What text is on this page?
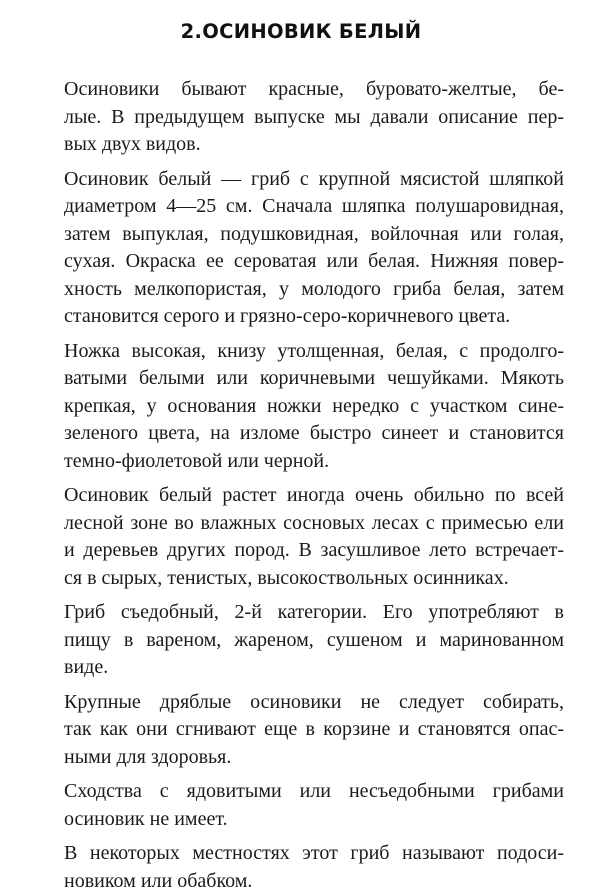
2.ОСИНОВИК БЕЛЫЙ

Осиновики бывают красные, буровато-желтые, бе-
лые. В предыдущем выпуске мы давали описание пер-
вых двух видов.

Осиновик белый — гриб с крупной мясистой шляпкой
диаметром 4—25 см. Сначала шляпка полушаровидная,
затем выпуклая, подушковидная, войлочная или голая,
сухая. Окраска ее сероватая или белая. Нижняя повер-
хность мелкопористая, у молодого гриба белая, затем
становится серого и грязно-серо-коричневого цвета.

Ножка высокая, книзу утолщенная, белая, с продолго-
ватыми белыми или коричневыми чешуйками. Мякоть
крепкая, у основания ножки нередко с участком сине-
зеленого цвета, на изломе быстро синеет и становится
темно-фиолетовой или черной.

Осиновик белый растет иногда очень обильно по всей
лесной зоне во влажных сосновых лесах с примесью ели
и деревьев других пород. В засушливое лето встречает-
ся в сырых, тенистых, высокоствольных осинниках.

Гриб съедобный, 2-й категории. Его употребляют в
пищу в вареном, жареном, сушеном и маринованном
виде.

Крупные дряблые осиновики не следует собирать,
так как они сгнивают еще в корзине и становятся опас-
ными для здоровья.

Сходства с ядовитыми или несъедобными грибами
осиновик не имеет.

В некоторых местностях этот гриб называют подоси-
новиком или обабком.
